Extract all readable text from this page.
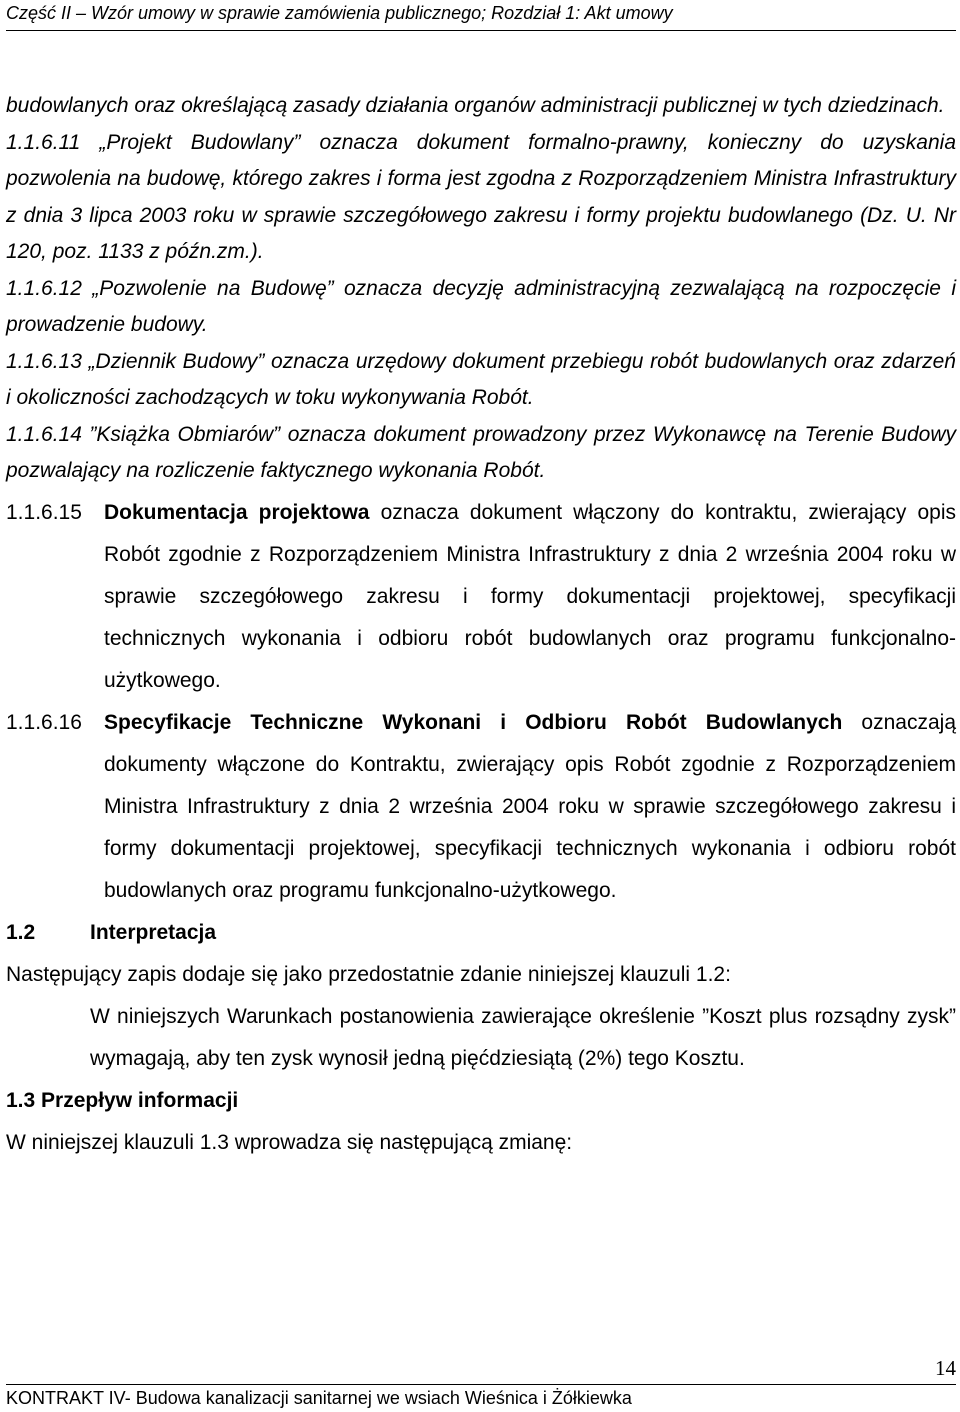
Część II – Wzór umowy w sprawie zamówienia publicznego; Rozdział 1: Akt umowy

budowlanych oraz określającą zasady działania organów administracji publicznej w tych dziedzinach.

1.1.6.11 „Projekt Budowlany” oznacza dokument formalno-prawny, konieczny do uzyskania pozwolenia na budowę, którego zakres i forma jest zgodna z Rozporządzeniem Ministra Infrastruktury z dnia 3 lipca 2003 roku w sprawie szczegółowego zakresu i formy projektu budowlanego (Dz. U. Nr 120, poz. 1133 z późn.zm.).

1.1.6.12 „Pozwolenie na Budowę” oznacza decyzję administracyjną zezwalającą na rozpoczęcie i prowadzenie budowy.

1.1.6.13 „Dziennik Budowy” oznacza urzędowy dokument przebiegu robót budowlanych oraz zdarzeń i okoliczności zachodzących w toku wykonywania Robót.

1.1.6.14 ”Książka Obmiarów” oznacza dokument prowadzony przez Wykonawcę na Terenie Budowy pozwalający na rozliczenie faktycznego wykonania Robót.

1.1.6.15	Dokumentacja projektowa oznacza dokument włączony do kontraktu, zwierający opis Robót zgodnie z Rozporządzeniem Ministra Infrastruktury z dnia 2 września 2004 roku w sprawie szczegółowego zakresu i formy dokumentacji projektowej, specyfikacji technicznych wykonania i odbioru robót budowlanych oraz programu funkcjonalno-użytkowego.
1.1.6.16	Specyfikacje Techniczne Wykonani i Odbioru Robót Budowlanych oznaczają dokumenty włączone do Kontraktu, zwierający opis Robót zgodnie z Rozporządzeniem Ministra Infrastruktury z dnia 2 września 2004 roku w sprawie szczegółowego zakresu i formy dokumentacji projektowej, specyfikacji technicznych wykonania i odbioru robót budowlanych oraz programu funkcjonalno-użytkowego.
1.2	Interpretacja

Następujący zapis dodaje się jako przedostatnie zdanie niniejszej klauzuli 1.2:

W niniejszych Warunkach postanowienia zawierające określenie ”Koszt plus rozsądny zysk” wymagają, aby ten zysk wynosił jedną pięćdziesiątą (2%) tego Kosztu.

1.3 Przepływ informacji

W niniejszej klauzuli 1.3 wprowadza się następującą zmianę:

14
KONTRAKT IV- Budowa kanalizacji sanitarnej we wsiach Wieśnica i Żółkiewka
